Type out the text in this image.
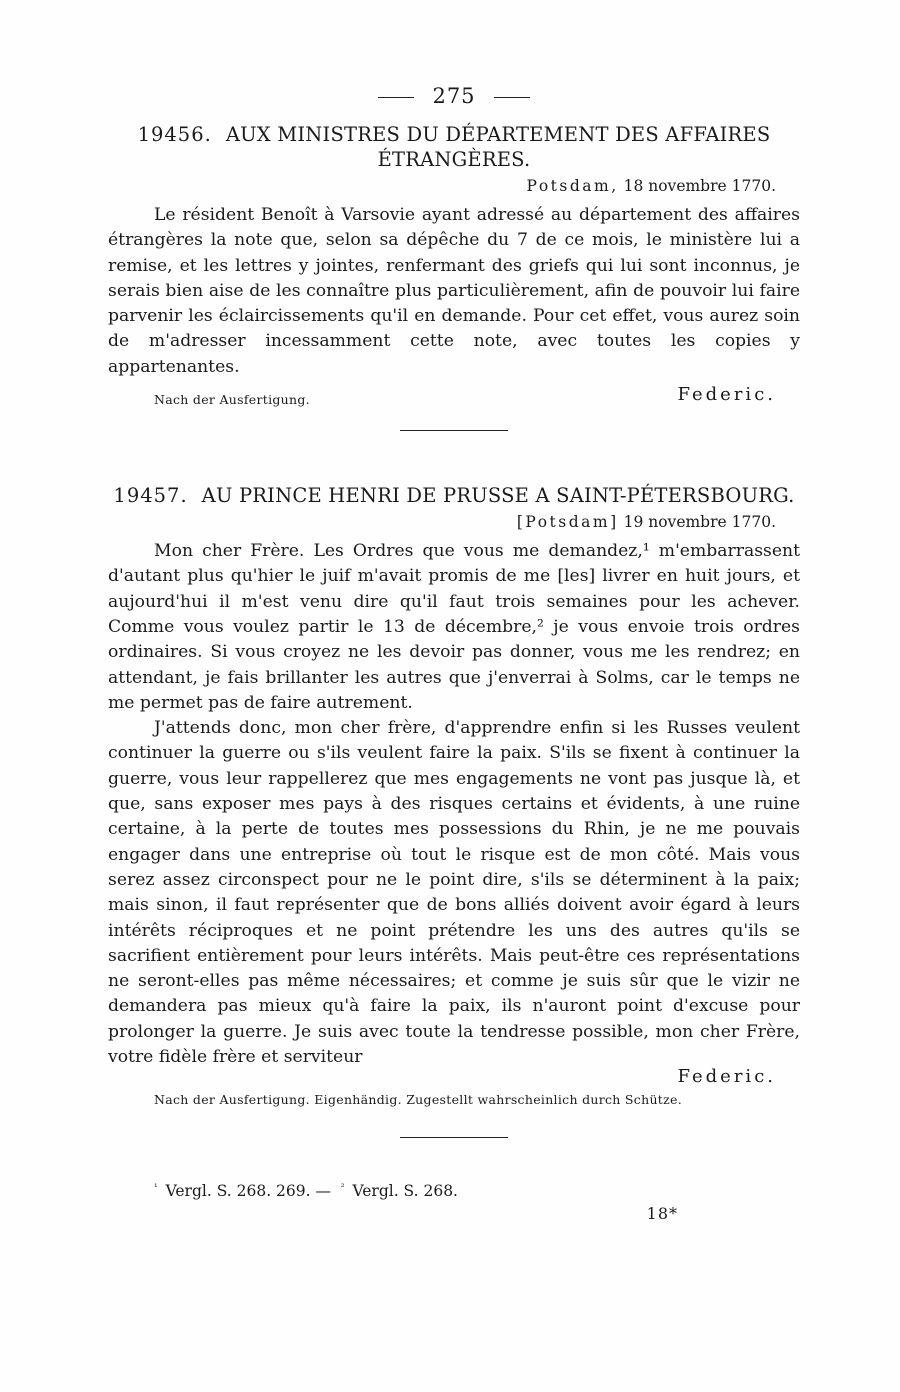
275
19456. AUX MINISTRES DU DÉPARTEMENT DES AFFAIRES ÉTRANGÈRES.
Potsdam, 18 novembre 1770.

Le résident Benoît à Varsovie ayant adressé au département des affaires étrangères la note que, selon sa dépêche du 7 de ce mois, le ministère lui a remise, et les lettres y jointes, renfermant des griefs qui lui sont inconnus, je serais bien aise de les connaître plus particulièrement, afin de pouvoir lui faire parvenir les éclaircissements qu'il en demande. Pour cet effet, vous aurez soin de m'adresser incessamment cette note, avec toutes les copies y appartenantes.

Nach der Ausfertigung.	Federic.
19457. AU PRINCE HENRI DE PRUSSE A SAINT-PÉTERSBOURG.
[Potsdam] 19 novembre 1770.

Mon cher Frère. Les Ordres que vous me demandez,¹ m'embarrassent d'autant plus qu'hier le juif m'avait promis de me [les] livrer en huit jours, et aujourd'hui il m'est venu dire qu'il faut trois semaines pour les achever. Comme vous voulez partir le 13 de décembre,² je vous envoie trois ordres ordinaires. Si vous croyez ne les devoir pas donner, vous me les rendrez; en attendant, je fais brillanter les autres que j'enverrai à Solms, car le temps ne me permet pas de faire autrement.

J'attends donc, mon cher frère, d'apprendre enfin si les Russes veulent continuer la guerre ou s'ils veulent faire la paix. S'ils se fixent à continuer la guerre, vous leur rappellerez que mes engagements ne vont pas jusque là, et que, sans exposer mes pays à des risques certains et évidents, à une ruine certaine, à la perte de toutes mes possessions du Rhin, je ne me pouvais engager dans une entreprise où tout le risque est de mon côté. Mais vous serez assez circonspect pour ne le point dire, s'ils se déterminent à la paix; mais sinon, il faut représenter que de bons alliés doivent avoir égard à leurs intérêts réciproques et ne point prétendre les uns des autres qu'ils se sacrifient entièrement pour leurs intérêts. Mais peut-être ces représentations ne seront-elles pas même nécessaires; et comme je suis sûr que le vizir ne demandera pas mieux qu'à faire la paix, ils n'auront point d'excuse pour prolonger la guerre. Je suis avec toute la tendresse possible, mon cher Frère, votre fidèle frère et serviteur

Federic.
Nach der Ausfertigung. Eigenhändig. Zugestellt wahrscheinlich durch Schütze.
$^{^1}$ Vergl. S. 268. 269. — $^{^2}$ Vergl. S. 268.
18*
